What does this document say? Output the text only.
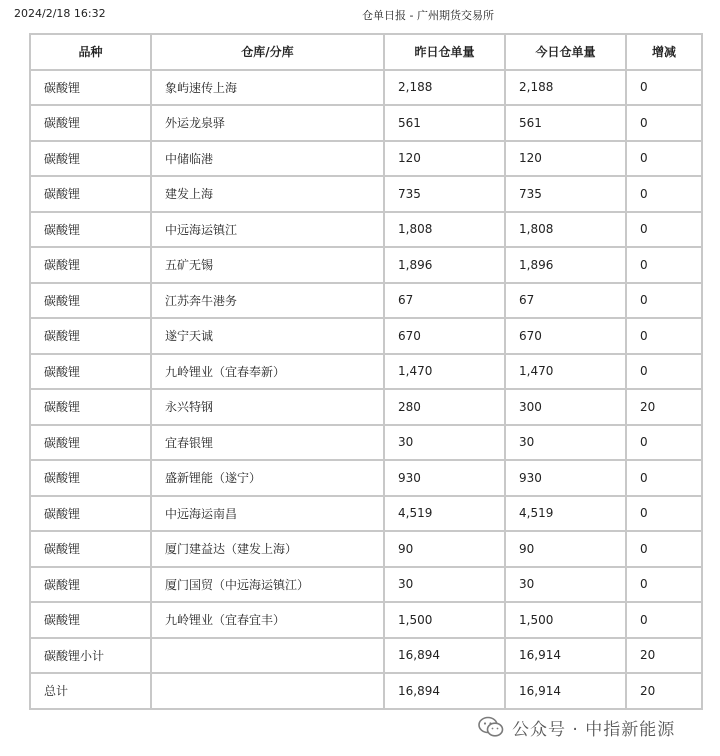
2024/2/18 16:32	仓单日报 - 广州期货交易所
品种	仓库/分库	昨日仓单量	今日仓单量	增减
碳酸锂	象屿速传上海	2,188	2,188	0
碳酸锂	外运龙泉驿	561	561	0
碳酸锂	中储临港	120	120	0
碳酸锂	建发上海	735	735	0
碳酸锂	中远海运镇江	1,808	1,808	0
碳酸锂	五矿无锡	1,896	1,896	0
碳酸锂	江苏奔牛港务	67	67	0
碳酸锂	遂宁天诚	670	670	0
碳酸锂	九岭锂业（宜春奉新）	1,470	1,470	0
碳酸锂	永兴特钢	280	300	20
碳酸锂	宜春银锂	30	30	0
碳酸锂	盛新锂能（遂宁）	930	930	0
碳酸锂	中远海运南昌	4,519	4,519	0
碳酸锂	厦门建益达（建发上海）	90	90	0
碳酸锂	厦门国贸（中远海运镇江）	30	30	0
碳酸锂	九岭锂业（宜春宜丰）	1,500	1,500	0
碳酸锂小计		16,894	16,914	20
总计		16,894	16,914	20
公众号 · 中指新能源
